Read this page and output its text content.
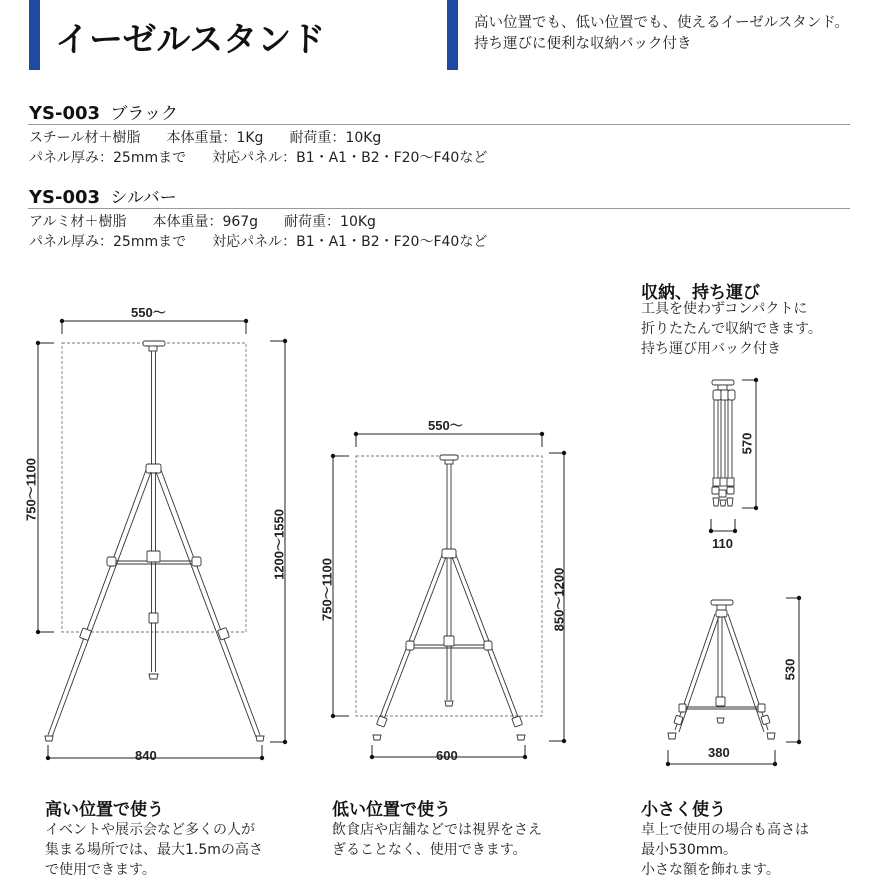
イーゼルスタンド	高い位置でも、低い位置でも、使えるイーゼルスタンド。
持ち運びに便利な収納バック付き
YS-003 ブラック
スチール材＋樹脂 本体重量：1Kg 耐荷重：10Kg
パネル厚み：25mmまで 対応パネル：B1・A1・B2・F20〜F40など
YS-003 シルバー
アルミ材＋樹脂 本体重量：967g 耐荷重：10Kg
パネル厚み：25mmまで 対応パネル：B1・A1・B2・F20〜F40など
550〜
750〜1100
1200〜1550
840
550〜
750〜1100	850〜1200
600
収納、持ち運び
工具を使わずコンパクトに
折りたたんで収納できます。
持ち運び用バック付き
570
110
530
380
高い位置で使う
イベントや展示会など多くの人が
集まる場所では、最大1.5mの高さ
で使用できます。
低い位置で使う
飲食店や店舗などでは視界をさえ
ぎることなく、使用できます。
小さく使う
卓上で使用の場合も高さは
最小530mm。
小さな額を飾れます。
